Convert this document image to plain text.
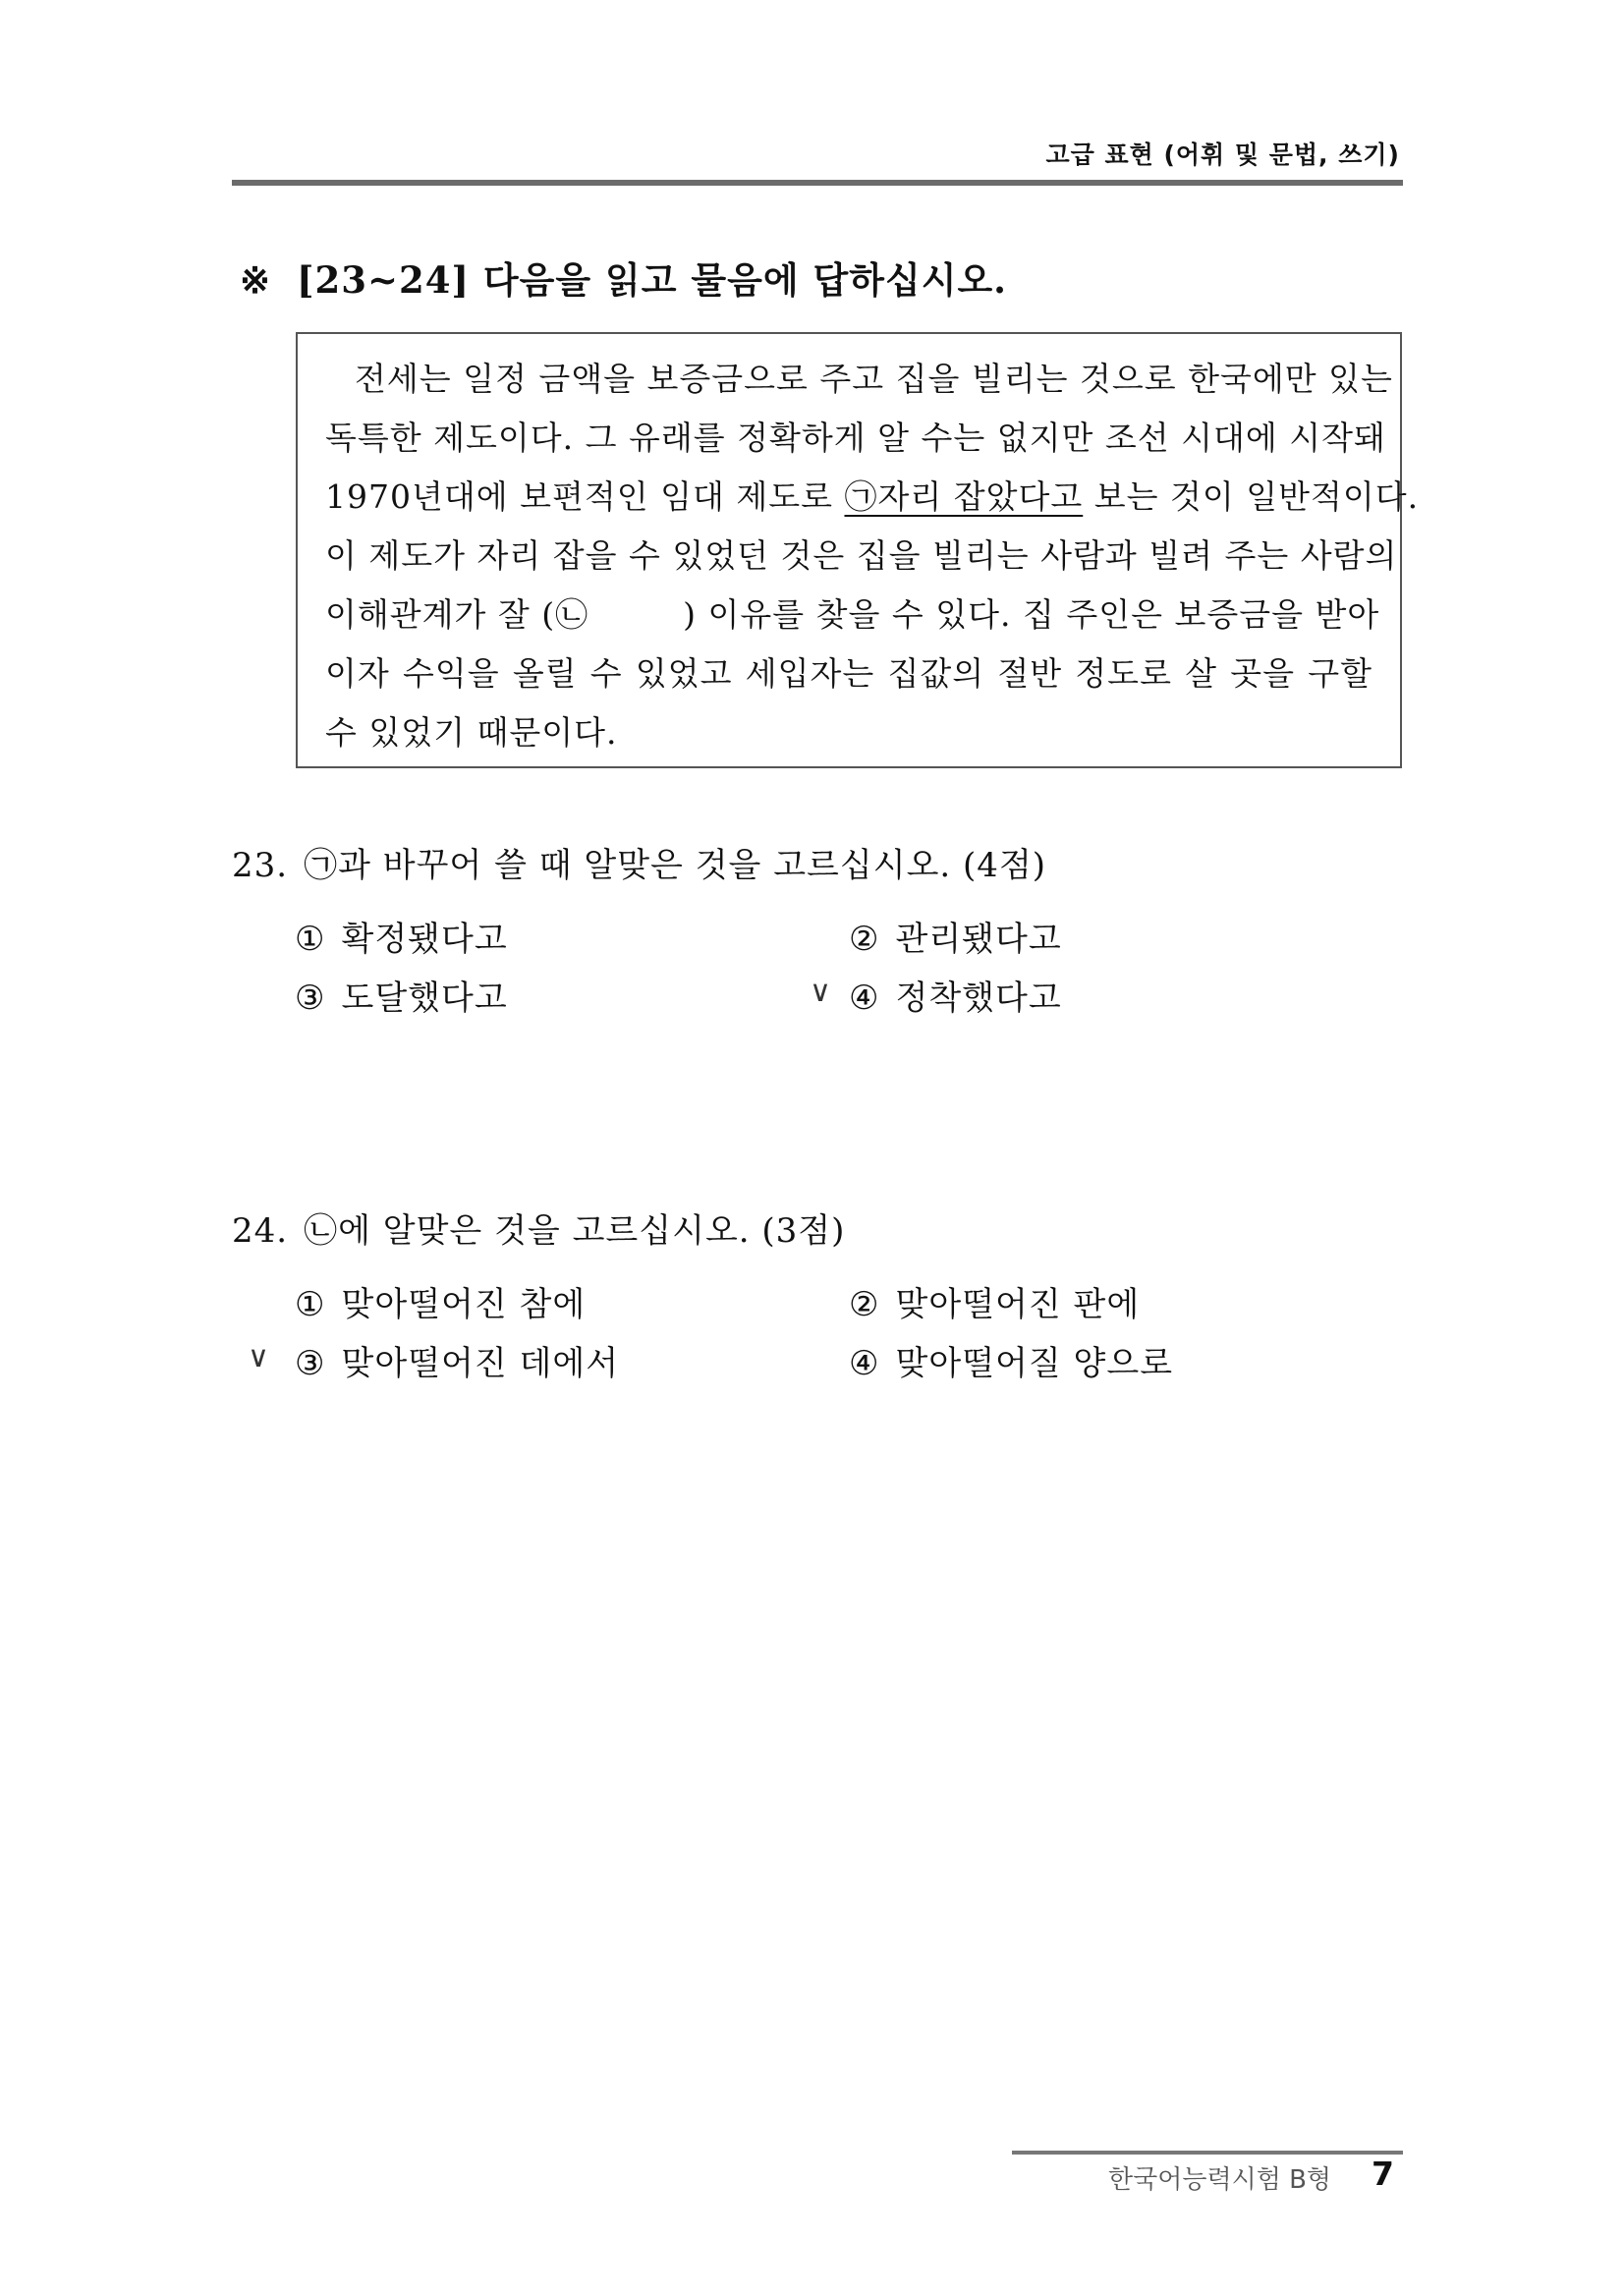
고급 표현 (어휘 및 문법, 쓰기)
※ [23~24] 다음을 읽고 물음에 답하십시오.
전세는 일정 금액을 보증금으로 주고 집을 빌리는 것으로 한국에만 있는
독특한 제도이다. 그 유래를 정확하게 알 수는 없지만 조선 시대에 시작돼
1970년대에 보편적인 임대 제도로 ㉠자리 잡았다고 보는 것이 일반적이다.
이 제도가 자리 잡을 수 있었던 것은 집을 빌리는 사람과 빌려 주는 사람의
이해관계가 잘 (㉡	) 이유를 찾을 수 있다. 집 주인은 보증금을 받아
이자 수익을 올릴 수 있었고 세입자는 집값의 절반 정도로 살 곳을 구할
수 있었기 때문이다.
23. ㉠과 바꾸어 쓸 때 알맞은 것을 고르십시오. (4점)
① 확정됐다고	② 관리됐다고
③ 도달했다고	∨ ④ 정착했다고
24. ㉡에 알맞은 것을 고르십시오. (3점)
① 맞아떨어진 참에	② 맞아떨어진 판에
∨ ③ 맞아떨어진 데에서	④ 맞아떨어질 양으로
한국어능력시험 B형 7
